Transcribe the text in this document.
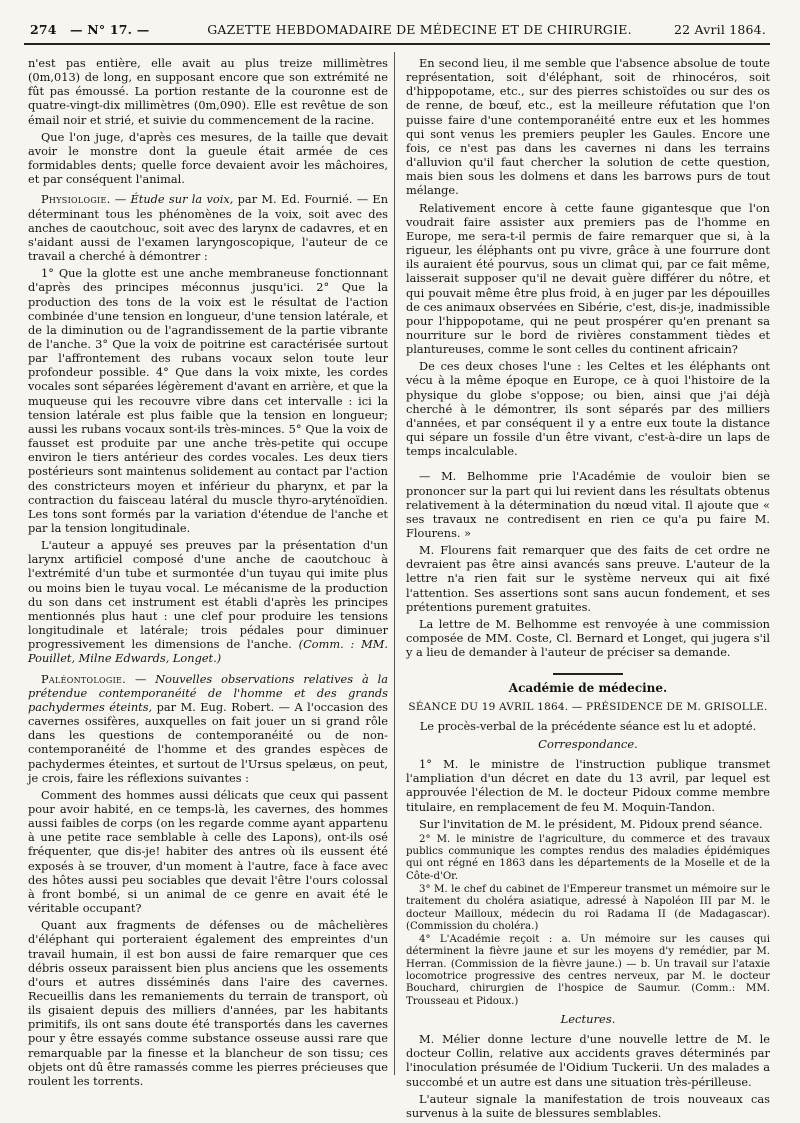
274	— N° 17. —	GAZETTE HEBDOMADAIRE DE MÉDECINE ET DE CHIRURGIE.	22 Avril 1864.

n'est pas entière, elle avait au plus treize millimètres (0m,013) de long, en supposant encore que son extrémité ne fût pas émoussé. La portion restante de la couronne est de quatre-vingt-dix millimètres (0m,090). Elle est revêtue de son émail noir et strié, et suivie du commencement de la racine.

Que l'on juge, d'après ces mesures, de la taille que devait avoir le monstre dont la gueule était armée de ces formidables dents; quelle force devaient avoir les mâchoires, et par conséquent l'animal.

Physiologie. — Étude sur la voix, par M. Ed. Fournié. — En déterminant tous les phénomènes de la voix, soit avec des anches de caoutchouc, soit avec des larynx de cadavres, et en s'aidant aussi de l'examen laryngoscopique, l'auteur de ce travail a cherché à démontrer :

1° Que la glotte est une anche membraneuse fonctionnant d'après des principes méconnus jusqu'ici. 2° Que la production des tons de la voix est le résultat de l'action combinée d'une tension en longueur, d'une tension latérale, et de la diminution ou de l'agrandissement de la partie vibrante de l'anche. 3° Que la voix de poitrine est caractérisée surtout par l'affrontement des rubans vocaux selon toute leur profondeur possible. 4° Que dans la voix mixte, les cordes vocales sont séparées légèrement d'avant en arrière, et que la muqueuse qui les recouvre vibre dans cet intervalle : ici la tension latérale est plus faible que la tension en longueur; aussi les rubans vocaux sont-ils très-minces. 5° Que la voix de fausset est produite par une anche très-petite qui occupe environ le tiers antérieur des cordes vocales. Les deux tiers postérieurs sont maintenus solidement au contact par l'action des constricteurs moyen et inférieur du pharynx, et par la contraction du faisceau latéral du muscle thyro-aryténoïdien. Les tons sont formés par la variation d'étendue de l'anche et par la tension longitudinale.

L'auteur a appuyé ses preuves par la présentation d'un larynx artificiel composé d'une anche de caoutchouc à l'extrémité d'un tube et surmontée d'un tuyau qui imite plus ou moins bien le tuyau vocal. Le mécanisme de la production du son dans cet instrument est établi d'après les principes mentionnés plus haut : une clef pour produire les tensions longitudinale et latérale; trois pédales pour diminuer progressivement les dimensions de l'anche. (Comm. : MM. Pouillet, Milne Edwards, Longet.)

Paléontologie. — Nouvelles observations relatives à la prétendue contemporanéité de l'homme et des grands pachydermes éteints, par M. Eug. Robert. — A l'occasion des cavernes ossifères, auxquelles on fait jouer un si grand rôle dans les questions de contemporanéité ou de non-contemporanéité de l'homme et des grandes espèces de pachydermes éteintes, et surtout de l'Ursus spelæus, on peut, je crois, faire les réflexions suivantes :

Comment des hommes aussi délicats que ceux qui passent pour avoir habité, en ce temps-là, les cavernes, des hommes aussi faibles de corps (on les regarde comme ayant appartenu à une petite race semblable à celle des Lapons), ont-ils osé fréquenter, que dis-je! habiter des antres où ils eussent été exposés à se trouver, d'un moment à l'autre, face à face avec des hôtes aussi peu sociables que devait l'être l'ours colossal à front bombé, si un animal de ce genre en avait été le véritable occupant?

Quant aux fragments de défenses ou de mâchelières d'éléphant qui porteraient également des empreintes d'un travail humain, il est bon aussi de faire remarquer que ces débris osseux paraissent bien plus anciens que les ossements d'ours et autres disséminés dans l'aire des cavernes. Recueillis dans les remaniements du terrain de transport, où ils gisaient depuis des milliers d'années, par les habitants primitifs, ils ont sans doute été transportés dans les cavernes pour y être essayés comme substance osseuse aussi rare que remarquable par la finesse et la blancheur de son tissu; ces objets ont dû être ramassés comme les pierres précieuses que roulent les torrents.

En second lieu, il me semble que l'absence absolue de toute représentation, soit d'éléphant, soit de rhinocéros, soit d'hippopotame, etc., sur des pierres schistoïdes ou sur des os de renne, de bœuf, etc., est la meilleure réfutation que l'on puisse faire d'une contemporanéité entre eux et les hommes qui sont venus les premiers peupler les Gaules. Encore une fois, ce n'est pas dans les cavernes ni dans les terrains d'alluvion qu'il faut chercher la solution de cette question, mais bien sous les dolmens et dans les barrows purs de tout mélange.

Relativement encore à cette faune gigantesque que l'on voudrait faire assister aux premiers pas de l'homme en Europe, me sera-t-il permis de faire remarquer que si, à la rigueur, les éléphants ont pu vivre, grâce à une fourrure dont ils auraient été pourvus, sous un climat qui, par ce fait même, laisserait supposer qu'il ne devait guère différer du nôtre, et qui pouvait même être plus froid, à en juger par les dépouilles de ces animaux observées en Sibérie, c'est, dis-je, inadmissible pour l'hippopotame, qui ne peut prospérer qu'en prenant sa nourriture sur le bord de rivières constamment tièdes et plantureuses, comme le sont celles du continent africain?

De ces deux choses l'une : les Celtes et les éléphants ont vécu à la même époque en Europe, ce à quoi l'histoire de la physique du globe s'oppose; ou bien, ainsi que j'ai déjà cherché à le démontrer, ils sont séparés par des milliers d'années, et par conséquent il y a entre eux toute la distance qui sépare un fossile d'un être vivant, c'est-à-dire un laps de temps incalculable.

— M. Belhomme prie l'Académie de vouloir bien se prononcer sur la part qui lui revient dans les résultats obtenus relativement à la détermination du nœud vital. Il ajoute que « ses travaux ne contredisent en rien ce qu'a pu faire M. Flourens. »

M. Flourens fait remarquer que des faits de cet ordre ne devraient pas être ainsi avancés sans preuve. L'auteur de la lettre n'a rien fait sur le système nerveux qui ait fixé l'attention. Ses assertions sont sans aucun fondement, et ses prétentions purement gratuites.

La lettre de M. Belhomme est renvoyée à une commission composée de MM. Coste, Cl. Bernard et Longet, qui jugera s'il y a lieu de demander à l'auteur de préciser sa demande.

Académie de médecine.
SÉANCE DU 19 AVRIL 1864. — PRÉSIDENCE DE M. GRISOLLE.

Le procès-verbal de la précédente séance est lu et adopté.

Correspondance.

1° M. le ministre de l'instruction publique transmet l'ampliation d'un décret en date du 13 avril, par lequel est approuvée l'élection de M. le docteur Pidoux comme membre titulaire, en remplacement de feu M. Moquin-Tandon.

Sur l'invitation de M. le président, M. Pidoux prend séance.

2° M. le ministre de l'agriculture, du commerce et des travaux publics communique les comptes rendus des maladies épidémiques qui ont régné en 1863 dans les départements de la Moselle et de la Côte-d'Or.

3° M. le chef du cabinet de l'Empereur transmet un mémoire sur le traitement du choléra asiatique, adressé à Napoléon III par M. le docteur Mailloux, médecin du roi Radama II (de Madagascar). (Commission du choléra.)

4° L'Académie reçoit : a. Un mémoire sur les causes qui déterminent la fièvre jaune et sur les moyens d'y remédier, par M. Herran. (Commission de la fièvre jaune.) — b. Un travail sur l'ataxie locomotrice progressive des centres nerveux, par M. le docteur Bouchard, chirurgien de l'hospice de Saumur. (Comm.: MM. Trousseau et Pidoux.)

Lectures.

M. Mélier donne lecture d'une nouvelle lettre de M. le docteur Collin, relative aux accidents graves déterminés par l'inoculation présumée de l'Oidium Tuckerii. Un des malades a succombé et un autre est dans une situation très-périlleuse.

L'auteur signale la manifestation de trois nouveaux cas survenus à la suite de blessures semblables.
